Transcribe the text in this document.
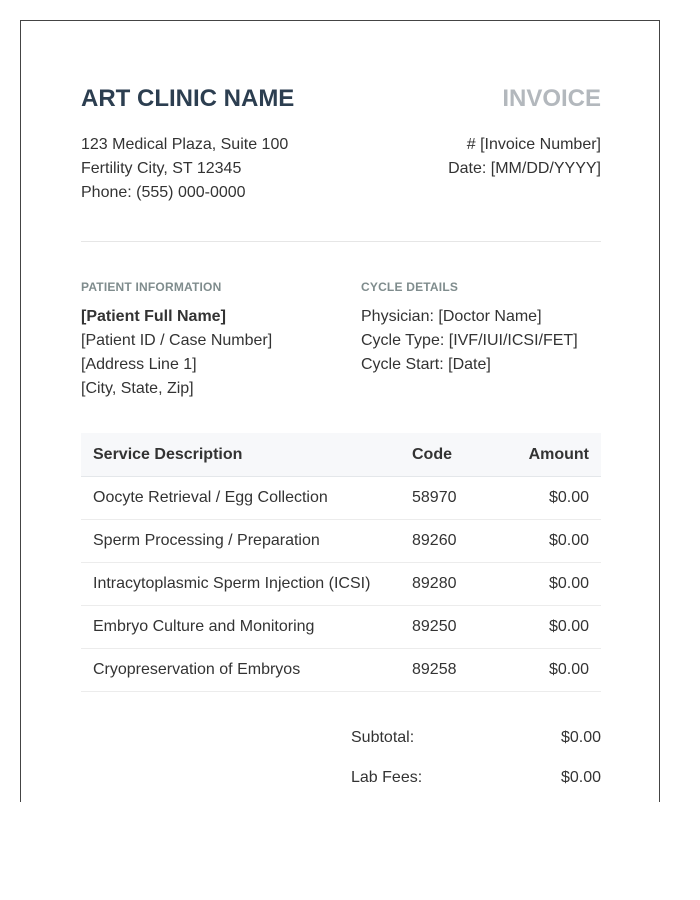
ART CLINIC NAME	INVOICE
123 Medical Plaza, Suite 100
Fertility City, ST 12345
Phone: (555) 000-0000
# [Invoice Number]
Date: [MM/DD/YYYY]
PATIENT INFORMATION
[Patient Full Name]
[Patient ID / Case Number]
[Address Line 1]
[City, State, Zip]
CYCLE DETAILS
Physician: [Doctor Name]
Cycle Type: [IVF/IUI/ICSI/FET]
Cycle Start: [Date]
Service Description	Code	Amount
Oocyte Retrieval / Egg Collection	58970	$0.00
Sperm Processing / Preparation	89260	$0.00
Intracytoplasmic Sperm Injection (ICSI)	89280	$0.00
Embryo Culture and Monitoring	89250	$0.00
Cryopreservation of Embryos	89258	$0.00
Subtotal:	$0.00
Lab Fees:	$0.00
